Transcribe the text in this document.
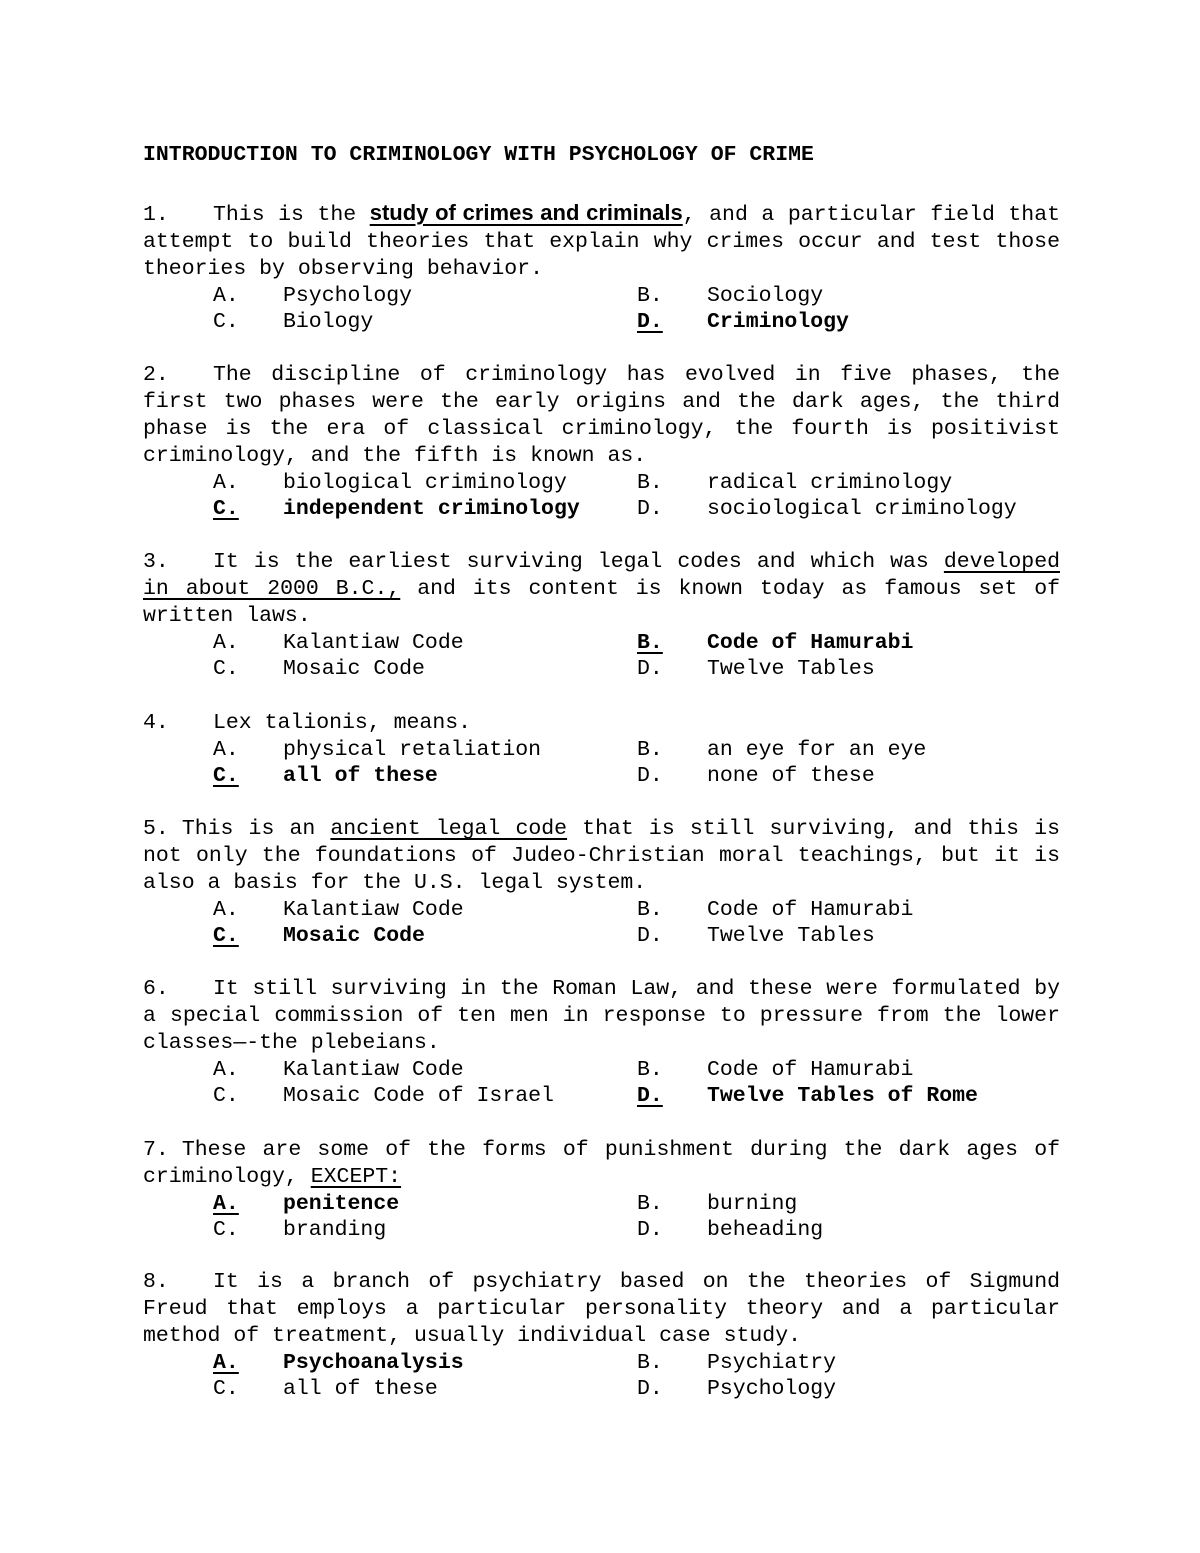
INTRODUCTION TO CRIMINOLOGY WITH PSYCHOLOGY OF CRIME

1. This is the study of crimes and criminals, and a particular field that attempt to build theories that explain why crimes occur and test those theories by observing behavior.

A. Psychology	B. Sociology
C. Biology	D. Criminology

2. The discipline of criminology has evolved in five phases, the first two phases were the early origins and the dark ages, the third phase is the era of classical criminology, the fourth is positivist criminology, and the fifth is known as.

A. biological criminology	B. radical criminology
C. independent criminology	D. sociological criminology

3. It is the earliest surviving legal codes and which was developed in about 2000 B.C., and its content is known today as famous set of written laws.

A. Kalantiaw Code	B. Code of Hamurabi
C. Mosaic Code	D. Twelve Tables

4. Lex talionis, means.

A. physical retaliation	B. an eye for an eye
C. all of these	D. none of these

5. This is an ancient legal code that is still surviving, and this is not only the foundations of Judeo-Christian moral teachings, but it is also a basis for the U.S. legal system.

A. Kalantiaw Code	B. Code of Hamurabi
C. Mosaic Code	D. Twelve Tables

6. It still surviving in the Roman Law, and these were formulated by a special commission of ten men in response to pressure from the lower classes—-the plebeians.

A. Kalantiaw Code	B. Code of Hamurabi
C. Mosaic Code of Israel	D. Twelve Tables of Rome

7. These are some of the forms of punishment during the dark ages of criminology, EXCEPT:

A. penitence	B. burning
C. branding	D. beheading

8. It is a branch of psychiatry based on the theories of Sigmund Freud that employs a particular personality theory and a particular method of treatment, usually individual case study.

A. Psychoanalysis	B. Psychiatry
C. all of these	D. Psychology
